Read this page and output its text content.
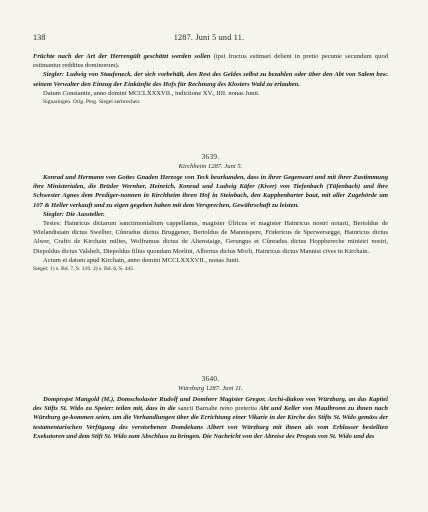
138	1287. Juni 5 und 11.

Früchte nach der Art der Herrengült geschätzt werden sollen (ipsi fructus estimari debent in pretio pecunie secundum quod estimantur redditus dominorum).

Siegler: Ludwig von Staufeneck, der sich vorbehält, den Rest des Geldes selbst zu bezahlen oder über den Abt von Salem bzw. seinem Verwalter den Einzug der Einkünfte des Hofs für Rechnung des Klosters Wald zu erlauben.

Datum Constantie, anno domini MCCLXXXVII., indictione XV., IIII. nonas Junii.

Signaringen. Orig. Perg. Siegel zerbrochen.

3639.

Kirchheim 1287. Juni 5.

Konrad und Hermann von Gottes Gnaden Herzoge von Teck beurkunden, dass in ihrer Gegenwart und mit ihrer Zustimmung ihre Ministerialen, die Brüder Wernher, Heinrich, Konrad und Ludwig Käfer (Kiver) von Tiefenbach (Tüfenbach) und ihre Schwester Agnes dem Prediger-nonnen in Kirchheim ihren Hof in Steinbach, den Kappbenbarter baut, mit aller Zugehörde um 107 & Heller verkauft und zu eigen gegeben haben mit dem Versprechen, Gewährschaft zu leisten.

Siegler: Die Aussteller.

Testes: Hainricus dictarum sanctimonialium cappellanus, magister Úlricus et magister Hainricus nostri notarii, Bertoldus de Wielandistain dictus Swelher, Cůnradus dictus Bruggener, Bertoldus de Mannispere, Fridericus de Sperwersegge, Hainricus dictus Alwer, Crafto de Kirchain miltes, Wolframus dictus de Altenstaige, Gerungus et Cůnradus dictus Hoppbereche ministri nostri, Diepoldus dictus Valsheli, Diepoldus filius quondam Morlini, Albertus dictus Morli, Hainricus dictus Mannist cives in Kirchain.

Actum et datum apud Kirchain, anno domini MCCLXXXVII., nonas Junii.

Siegel: 1) s. Bd. 7, S. 316. 2) s. Bd. 6, S. 445.

3640.

Würzburg 1287. Juni 11.

Dompropst Mangold (M.), Domscholaster Rudolf und Domherr Magister Gregor, Archi-diakon von Würzburg, an das Kapitel des Stifts St. Wido zu Speier: teilen mit, dass in die sancti Barnabe nono preterita Abt und Keller von Maulbronn zu ihnen nach Würzburg ge-kommen seien, um die Verhandlungen über die Errichtung einer Vikarie in der Kirche des Stifts St. Wido gemäss der testamentarischen Verfügung des verstorbenen Domdekans Albert von Würzburg mit ihnen als vom Erblasser bestellten Exekutoren und dem Stift St. Wido zum Abschluss zu bringen. Die Nachricht von der Abreise des Propsts von St. Wido und des
